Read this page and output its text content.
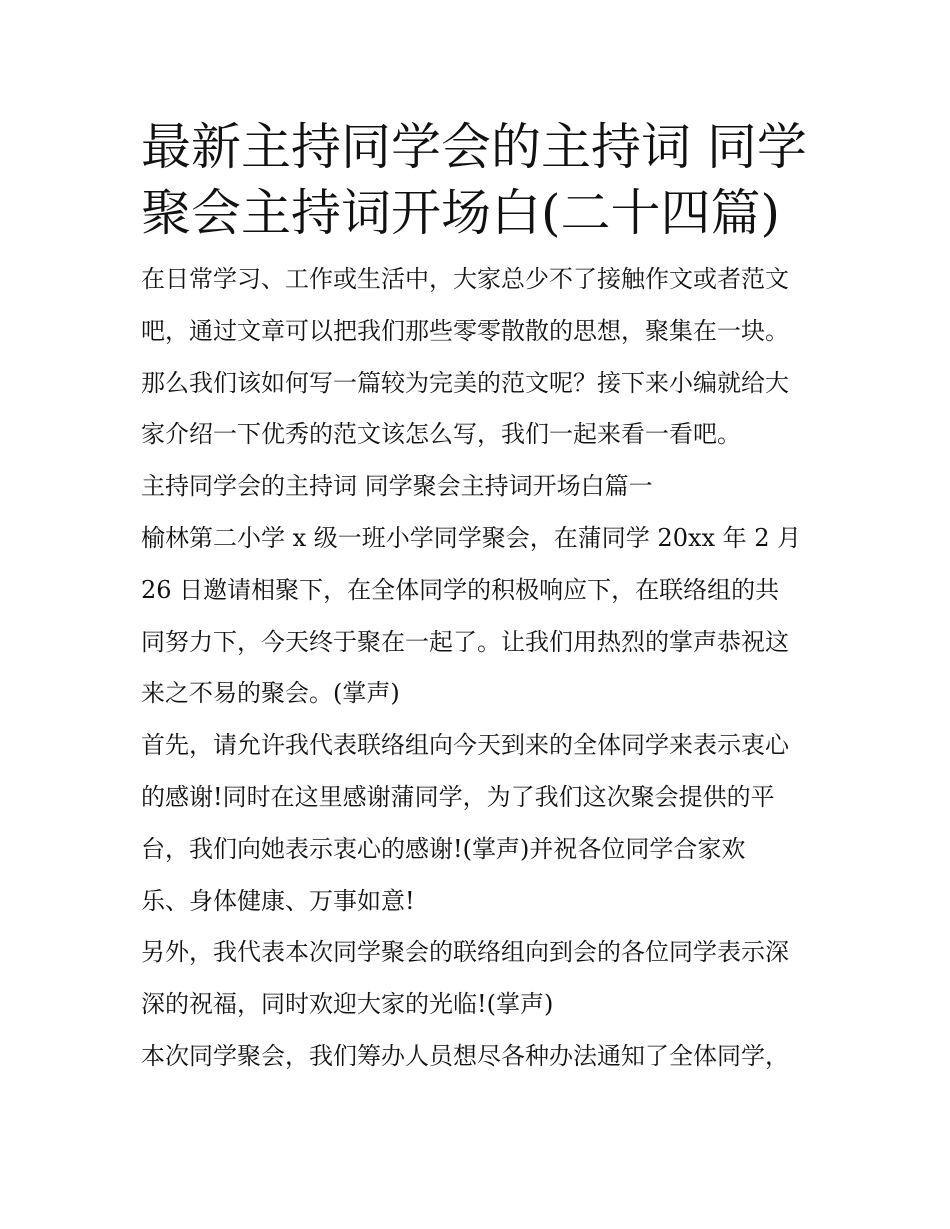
最新主持同学会的主持词 同学
聚会主持词开场白(二十四篇)
在日常学习、工作或生活中，大家总少不了接触作文或者范文
吧，通过文章可以把我们那些零零散散的思想，聚集在一块。
那么我们该如何写一篇较为完美的范文呢？接下来小编就给大
家介绍一下优秀的范文该怎么写，我们一起来看一看吧。
主持同学会的主持词 同学聚会主持词开场白篇一
榆林第二小学 x 级一班小学同学聚会，在蒲同学 20xx 年 2 月
26 日邀请相聚下，在全体同学的积极响应下，在联络组的共
同努力下，今天终于聚在一起了。让我们用热烈的掌声恭祝这
来之不易的聚会。(掌声)
首先，请允许我代表联络组向今天到来的全体同学来表示衷心
的感谢!同时在这里感谢蒲同学，为了我们这次聚会提供的平
台，我们向她表示衷心的感谢!(掌声)并祝各位同学合家欢
乐、身体健康、万事如意!
另外，我代表本次同学聚会的联络组向到会的各位同学表示深
深的祝福，同时欢迎大家的光临!(掌声)
本次同学聚会，我们筹办人员想尽各种办法通知了全体同学，
